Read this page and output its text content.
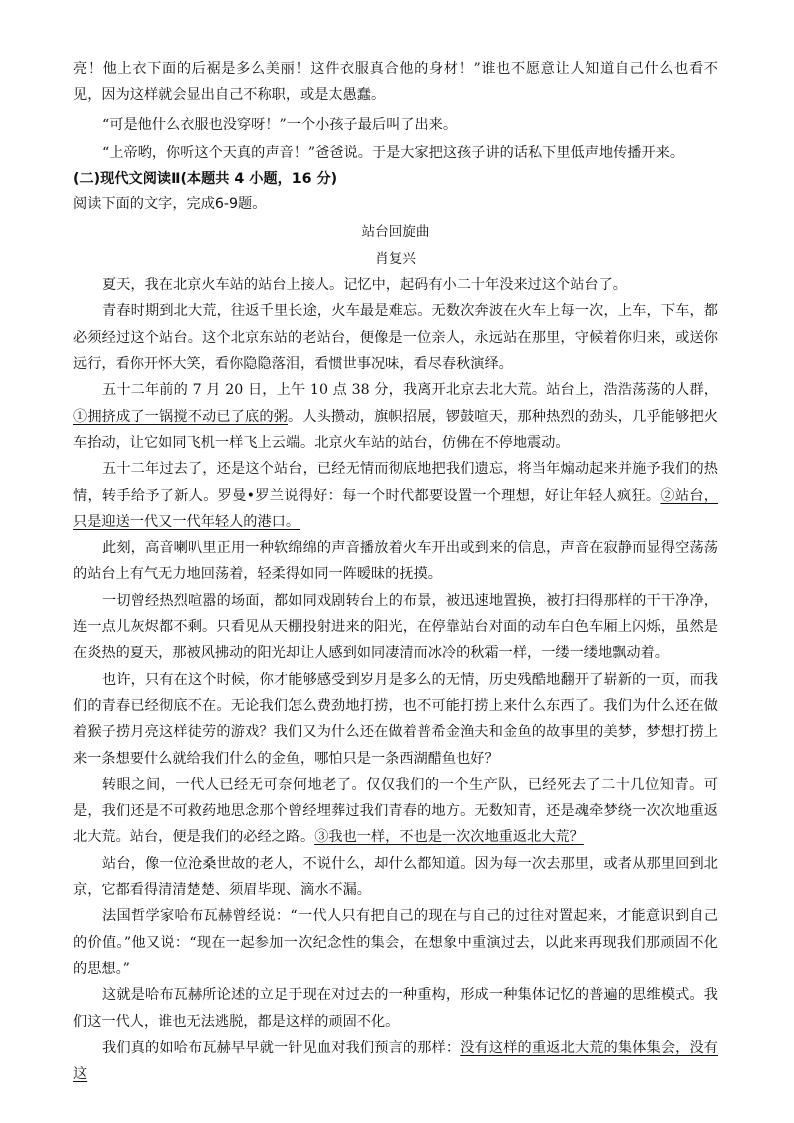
亮！他上衣下面的后裾是多么美丽！这件衣服真合他的身材！”谁也不愿意让人知道自己什么也看不见，因为这样就会显出自己不称职，或是太愚蠢。

“可是他什么衣服也没穿呀！”一个小孩子最后叫了出来。

“上帝哟，你听这个天真的声音！”爸爸说。于是大家把这孩子讲的话私下里低声地传播开来。

(二)现代文阅读Ⅱ(本题共 4 小题，16 分)

阅读下面的文字，完成6-9题。

站台回旋曲

肖复兴

夏天，我在北京火车站的站台上接人。记忆中，起码有小二十年没来过这个站台了。

青春时期到北大荒，往返千里长途，火车最是难忘。无数次奔波在火车上每一次，上车，下车，都必须经过这个站台。这个北京东站的老站台，便像是一位亲人，永远站在那里，守候着你归来，或送你远行，看你开怀大笑，看你隐隐落泪，看惯世事况味，看尽春秋演绎。

五十二年前的 7 月 20 日，上午 10 点 38 分，我离开北京去北大荒。站台上，浩浩荡荡的人群，①拥挤成了一锅搅不动已了底的粥。人头攒动，旗帜招展，锣鼓喧天，那种热烈的劲头，几乎能够把火车抬动，让它如同飞机一样飞上云端。北京火车站的站台，仿佛在不停地震动。

五十二年过去了，还是这个站台，已经无情而彻底地把我们遗忘，将当年煽动起来并施予我们的热情，转手给予了新人。罗曼•罗兰说得好：每一个时代都要设置一个理想，好让年轻人疯狂。②站台，只是迎送一代又一代年轻人的港口。

此刻，高音喇叭里正用一种软绵绵的声音播放着火车开出或到来的信息，声音在寂静而显得空荡荡的站台上有气无力地回荡着，轻柔得如同一阵暧昧的抚摸。

一切曾经热烈喧嚣的场面，都如同戏剧转台上的布景，被迅速地置换，被打扫得那样的干干净净，连一点儿灰烬都不剩。只看见从天棚投射进来的阳光，在停靠站台对面的动车白色车厢上闪烁，虽然是在炎热的夏天，那被风拂动的阳光却让人感到如同凄清而冰冷的秋霜一样，一缕一缕地飘动着。

也许，只有在这个时候，你才能够感受到岁月是多么的无情，历史残酷地翻开了崭新的一页，而我们的青春已经彻底不在。无论我们怎么费劲地打捞，也不可能打捞上来什么东西了。我们为什么还在做着猴子捞月亮这样徒劳的游戏？我们又为什么还在做着普希金渔夫和金鱼的故事里的美梦，梦想打捞上来一条想要什么就给我们什么的金鱼，哪怕只是一条西湖醋鱼也好？

转眼之间，一代人已经无可奈何地老了。仅仅我们的一个生产队，已经死去了二十几位知青。可是，我们还是不可救药地思念那个曾经埋葬过我们青春的地方。无数知青，还是魂牵梦绕一次次地重返北大荒。站台，便是我们的必经之路。③我也一样，不也是一次次地重返北大荒？

站台，像一位沧桑世故的老人，不说什么，却什么都知道。因为每一次去那里，或者从那里回到北京，它都看得清清楚楚、须眉毕现、滴水不漏。

法国哲学家哈布瓦赫曾经说：“一代人只有把自己的现在与自己的过往对置起来，才能意识到自己的价值。”他又说：“现在一起参加一次纪念性的集会，在想象中重演过去，以此来再现我们那顽固不化的思想。”

这就是哈布瓦赫所论述的立足于现在对过去的一种重构，形成一种集体记忆的普遍的思维模式。我们这一代人，谁也无法逃脱，都是这样的顽固不化。

我们真的如哈布瓦赫早早就一针见血对我们预言的那样：没有这样的重返北大荒的集体集会，没有这
